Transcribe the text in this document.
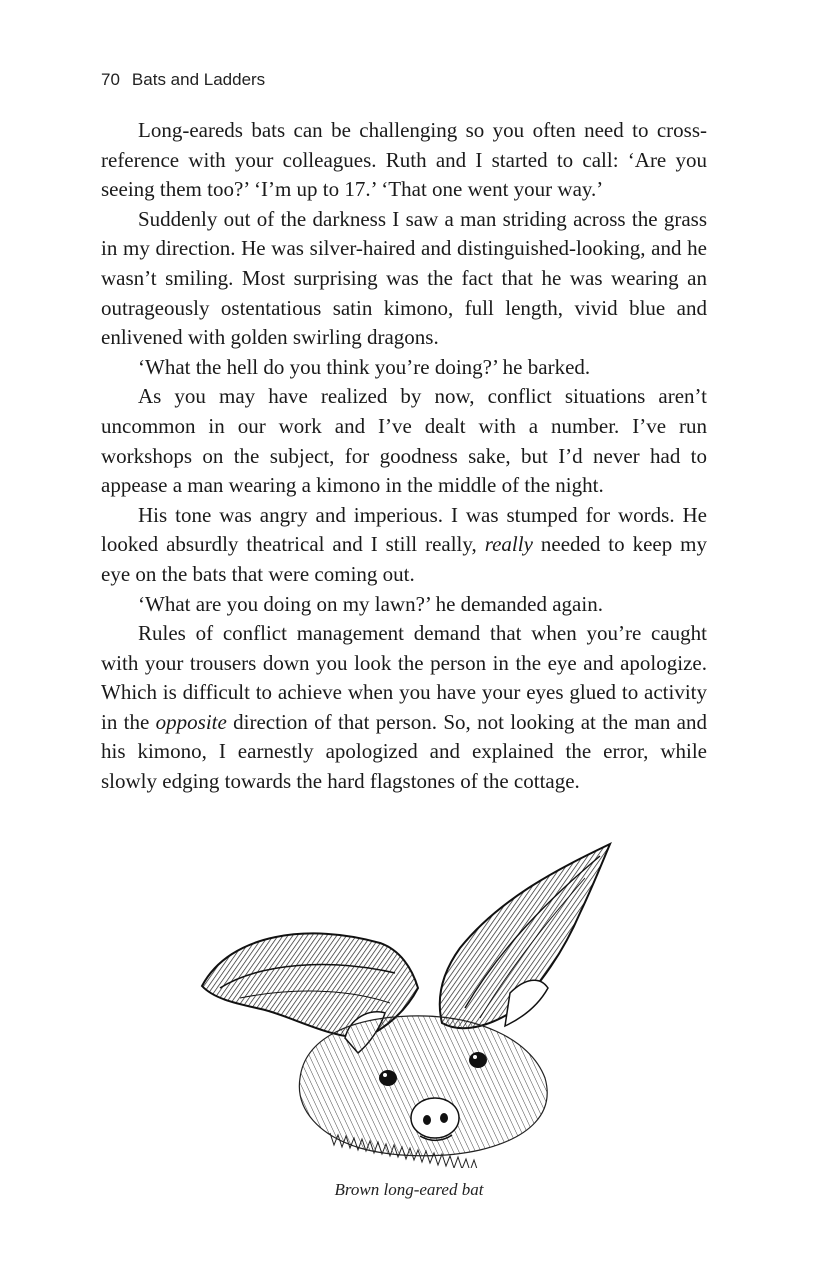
70 Bats and Ladders

Long-eareds bats can be challenging so you often need to cross-reference with your colleagues. Ruth and I started to call: ‘Are you seeing them too?’ ‘I’m up to 17.’ ‘That one went your way.’

Suddenly out of the darkness I saw a man striding across the grass in my direction. He was silver-haired and distinguished-looking, and he wasn’t smiling. Most surprising was the fact that he was wearing an outrageously ostentatious satin kimono, full length, vivid blue and enlivened with golden swirling dragons.

‘What the hell do you think you’re doing?’ he barked.

As you may have realized by now, conflict situations aren’t uncommon in our work and I’ve dealt with a number. I’ve run workshops on the subject, for goodness sake, but I’d never had to appease a man wearing a kimono in the middle of the night.

His tone was angry and imperious. I was stumped for words. He looked absurdly theatrical and I still really, really needed to keep my eye on the bats that were coming out.

‘What are you doing on my lawn?’ he demanded again.

Rules of conflict management demand that when you’re caught with your trousers down you look the person in the eye and apologize. Which is difficult to achieve when you have your eyes glued to activity in the opposite direction of that person. So, not looking at the man and his kimono, I earnestly apologized and explained the error, while slowly edging towards the hard flagstones of the cottage.

Brown long-eared bat
